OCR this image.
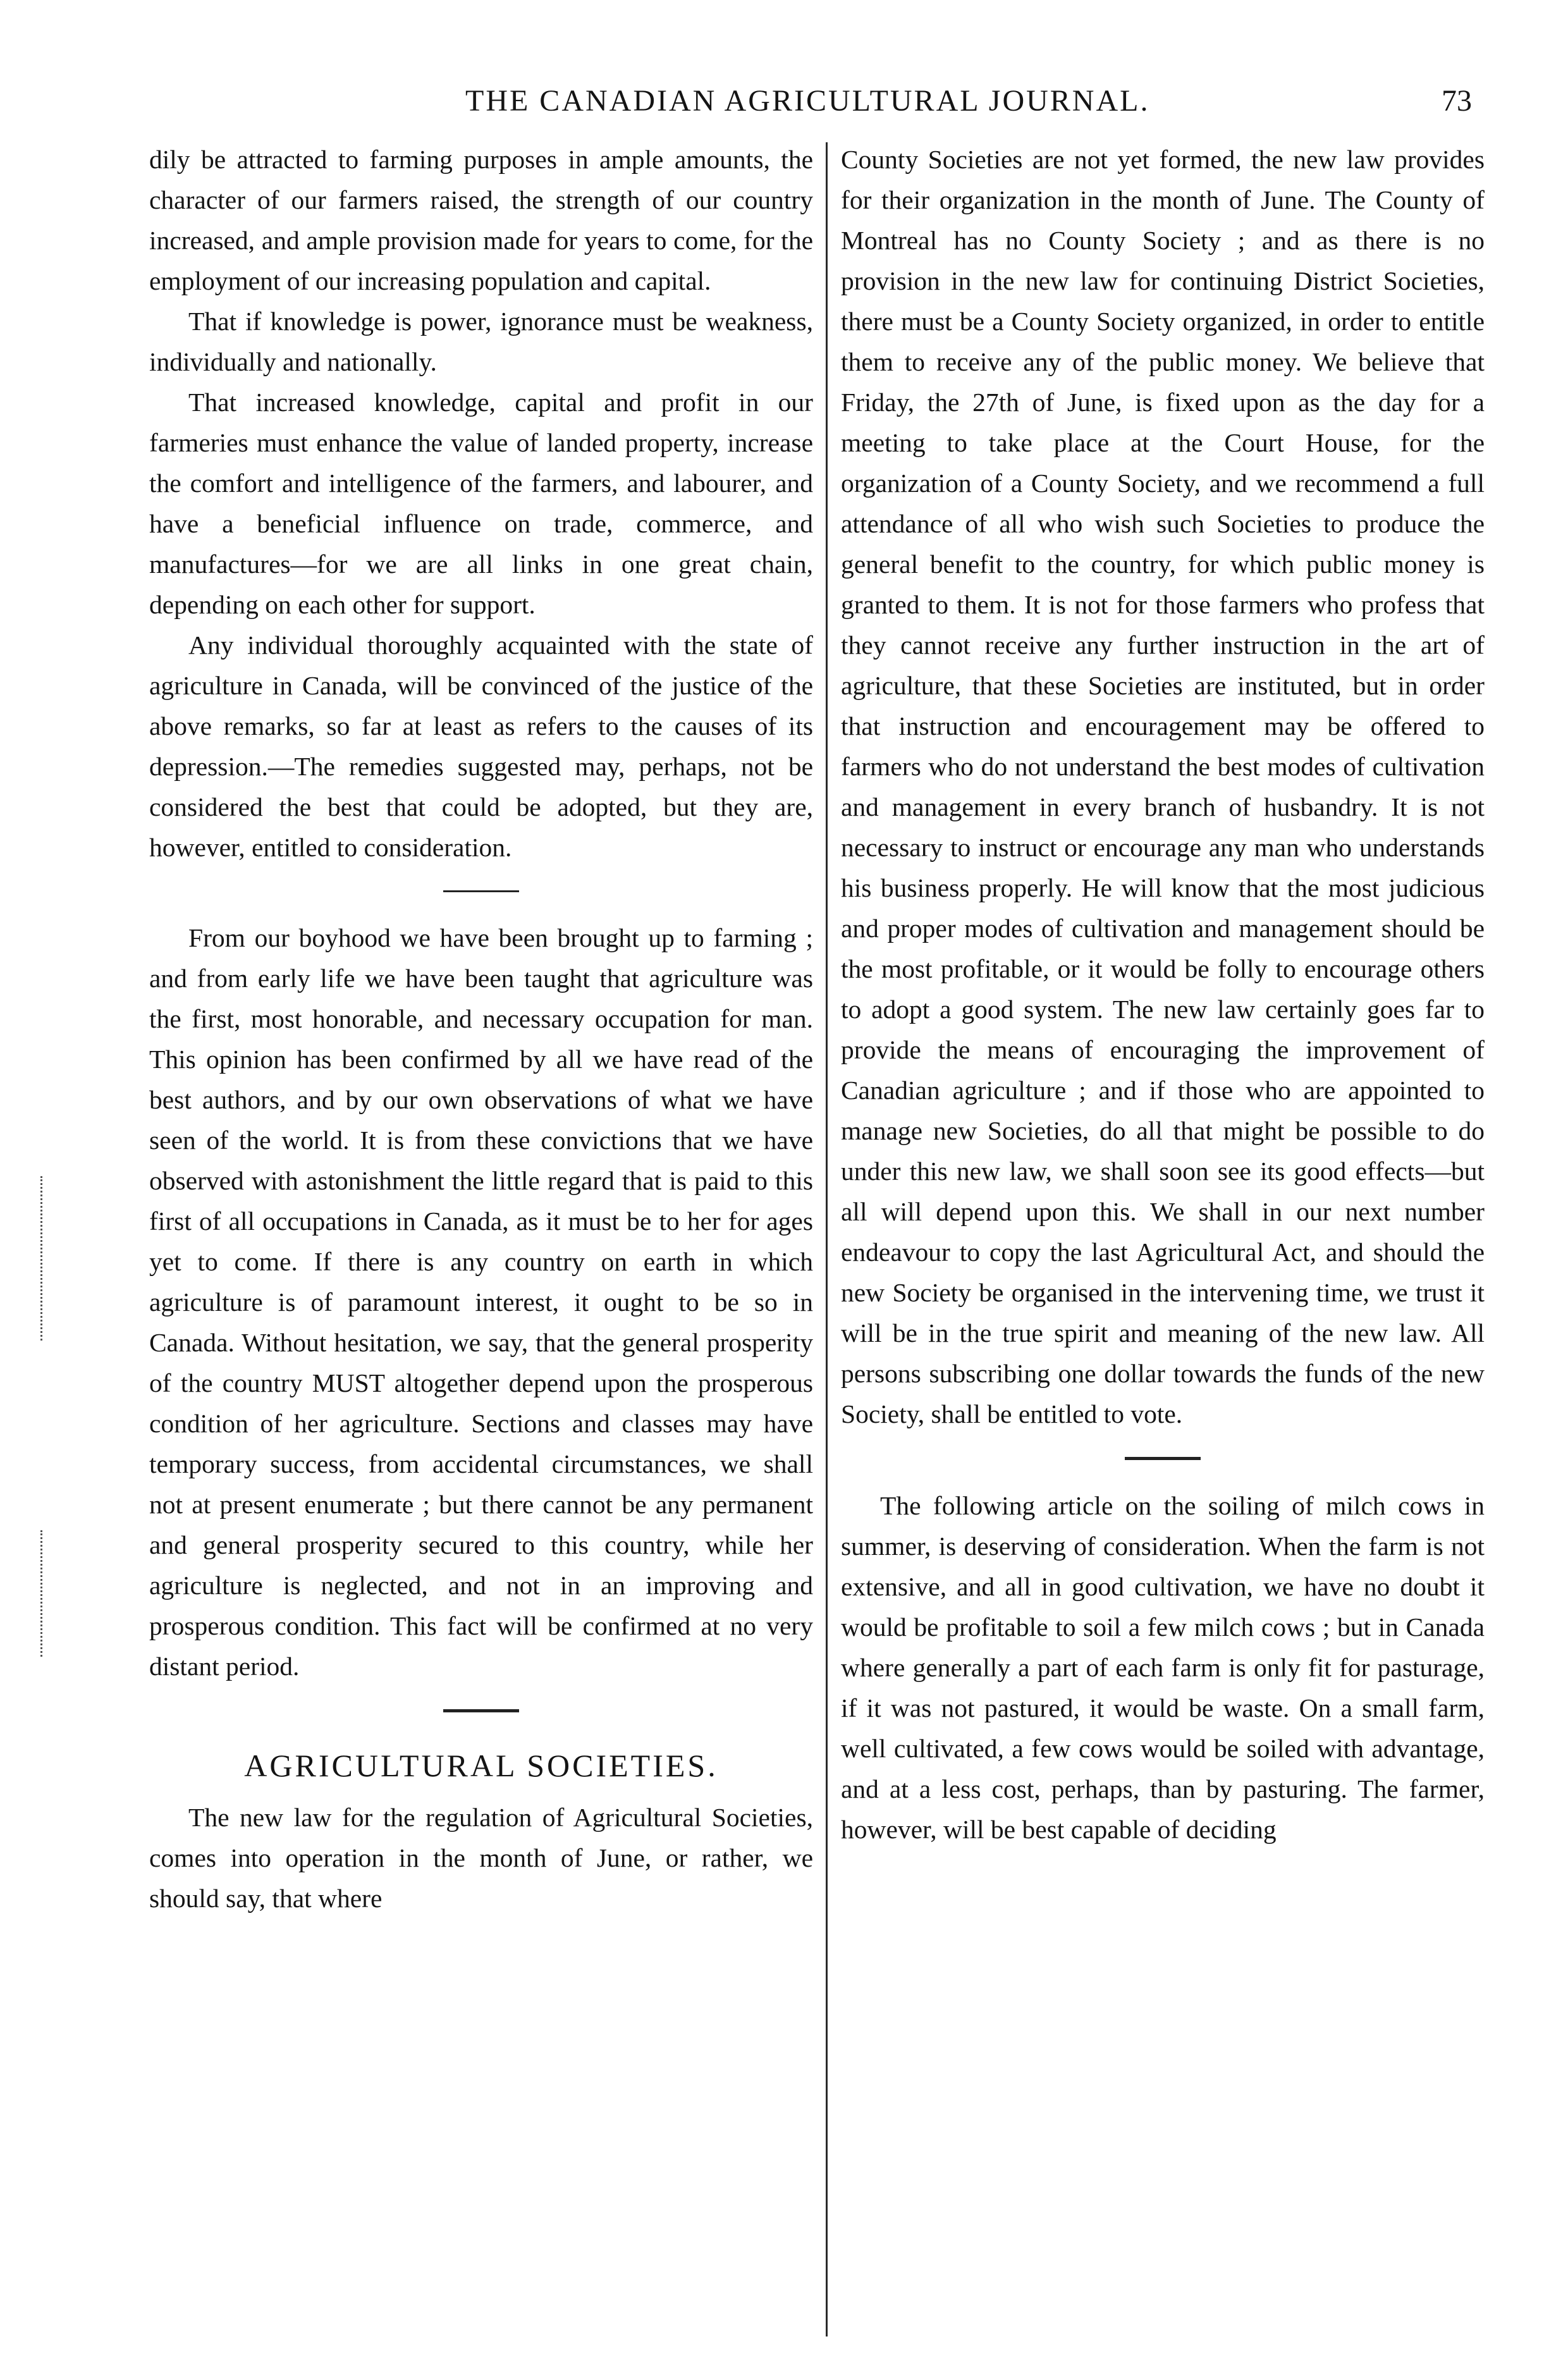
THE CANADIAN AGRICULTURAL JOURNAL.	73

dily be attracted to farming purposes in ample amounts, the character of our farmers raised, the strength of our country increased, and ample provision made for years to come, for the employment of our increasing population and capital.

That if knowledge is power, ignorance must be weakness, individually and nationally.

That increased knowledge, capital and profit in our farmeries must enhance the value of landed property, increase the comfort and intelligence of the farmers, and labourer, and have a beneficial influence on trade, commerce, and manufactures—for we are all links in one great chain, depending on each other for support.

Any individual thoroughly acquainted with the state of agriculture in Canada, will be convinced of the justice of the above remarks, so far at least as refers to the causes of its depression.—The remedies suggested may, perhaps, not be considered the best that could be adopted, but they are, however, entitled to consideration.

From our boyhood we have been brought up to farming ; and from early life we have been taught that agriculture was the first, most honorable, and necessary occupation for man. This opinion has been confirmed by all we have read of the best authors, and by our own observations of what we have seen of the world. It is from these convictions that we have observed with astonishment the little regard that is paid to this first of all occupations in Canada, as it must be to her for ages yet to come. If there is any country on earth in which agriculture is of paramount interest, it ought to be so in Canada. Without hesitation, we say, that the general prosperity of the country MUST altogether depend upon the prosperous condition of her agriculture. Sections and classes may have temporary success, from accidental circumstances, we shall not at present enumerate ; but there cannot be any permanent and general prosperity secured to this country, while her agriculture is neglected, and not in an improving and prosperous condition. This fact will be confirmed at no very distant period.

AGRICULTURAL SOCIETIES.

The new law for the regulation of Agricultural Societies, comes into operation in the month of June, or rather, we should say, that where

County Societies are not yet formed, the new law provides for their organization in the month of June. The County of Montreal has no County Society ; and as there is no provision in the new law for continuing District Societies, there must be a County Society organized, in order to entitle them to receive any of the public money. We believe that Friday, the 27th of June, is fixed upon as the day for a meeting to take place at the Court House, for the organization of a County Society, and we recommend a full attendance of all who wish such Societies to produce the general benefit to the country, for which public money is granted to them. It is not for those farmers who profess that they cannot receive any further instruction in the art of agriculture, that these Societies are instituted, but in order that instruction and encouragement may be offered to farmers who do not understand the best modes of cultivation and management in every branch of husbandry. It is not necessary to instruct or encourage any man who understands his business properly. He will know that the most judicious and proper modes of cultivation and management should be the most profitable, or it would be folly to encourage others to adopt a good system. The new law certainly goes far to provide the means of encouraging the improvement of Canadian agriculture ; and if those who are appointed to manage new Societies, do all that might be possible to do under this new law, we shall soon see its good effects—but all will depend upon this. We shall in our next number endeavour to copy the last Agricultural Act, and should the new Society be organised in the intervening time, we trust it will be in the true spirit and meaning of the new law. All persons subscribing one dollar towards the funds of the new Society, shall be entitled to vote.

The following article on the soiling of milch cows in summer, is deserving of consideration. When the farm is not extensive, and all in good cultivation, we have no doubt it would be profitable to soil a few milch cows ; but in Canada where generally a part of each farm is only fit for pasturage, if it was not pastured, it would be waste. On a small farm, well cultivated, a few cows would be soiled with advantage, and at a less cost, perhaps, than by pasturing. The farmer, however, will be best capable of deciding
